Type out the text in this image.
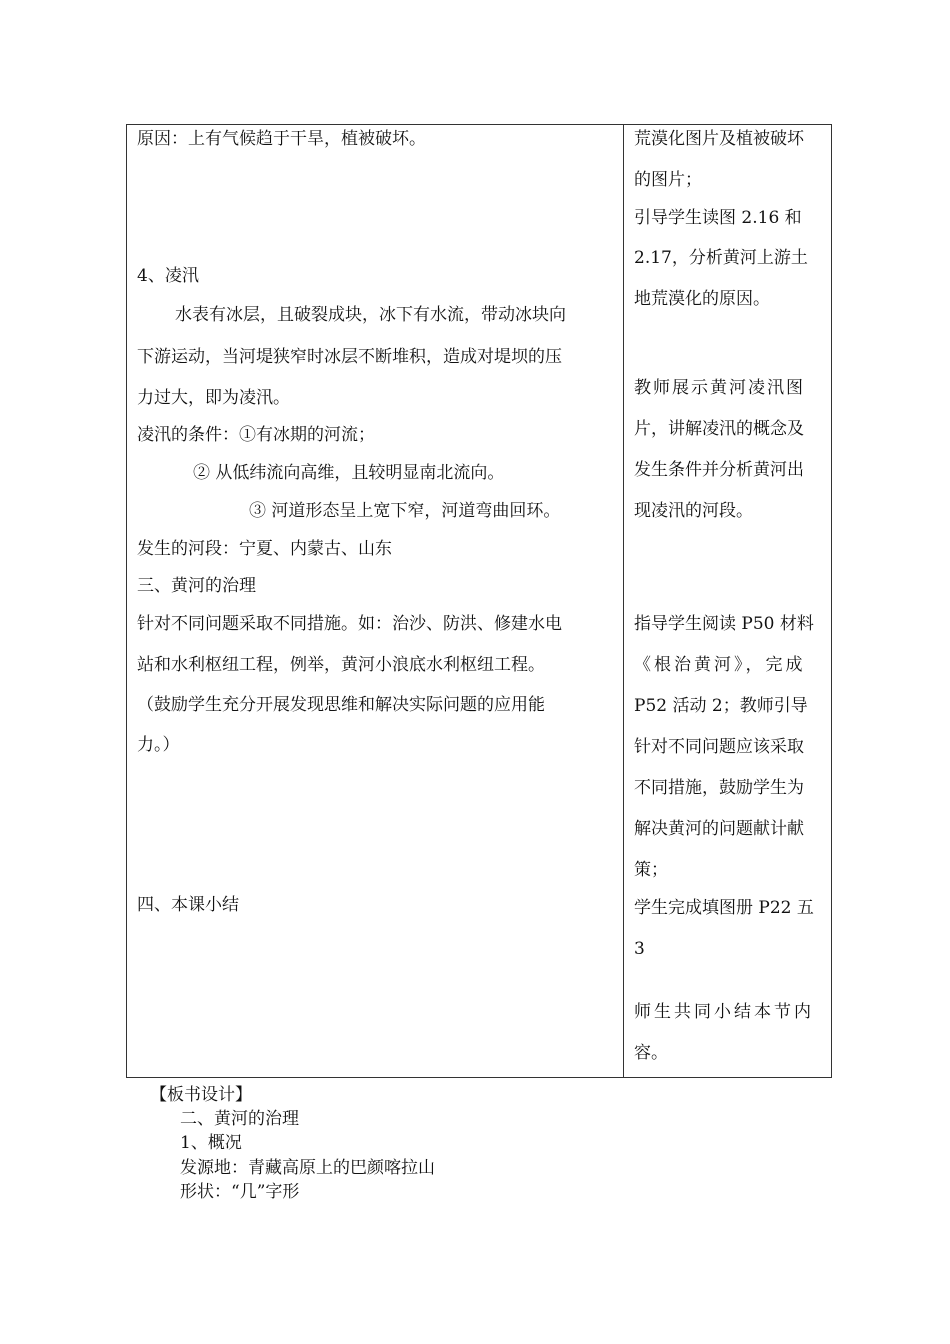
原因：上有气候趋于干旱，植被破坏。
4、凌汛
水表有冰层，且破裂成块，冰下有水流，带动冰块向
下游运动，当河堤狭窄时冰层不断堆积，造成对堤坝的压
力过大，即为凌汛。
凌汛的条件：①有冰期的河流；
② 从低纬流向高维，且较明显南北流向。
③ 河道形态呈上宽下窄，河道弯曲回环。
发生的河段：宁夏、内蒙古、山东
三、黄河的治理
针对不同问题采取不同措施。如：治沙、防洪、修建水电
站和水利枢纽工程，例举，黄河小浪底水利枢纽工程。
（鼓励学生充分开展发现思维和解决实际问题的应用能
力。）
四、本课小结
荒漠化图片及植被破坏
的图片；
引导学生读图 2.16 和
2.17，分析黄河上游土
地荒漠化的原因。
教师展示黄河凌汛图
片，讲解凌汛的概念及
发生条件并分析黄河出
现凌汛的河段。
指导学生阅读 P50 材料
《根治黄河》，完成
P52 活动 2；教师引导
针对不同问题应该采取
不同措施，鼓励学生为
解决黄河的问题献计献
策；
学生完成填图册 P22 五
3
师生共同小结本节内
容。
【板书设计】
二、黄河的治理
1、概况
发源地：青藏高原上的巴颜喀拉山
形状：“几”字形
